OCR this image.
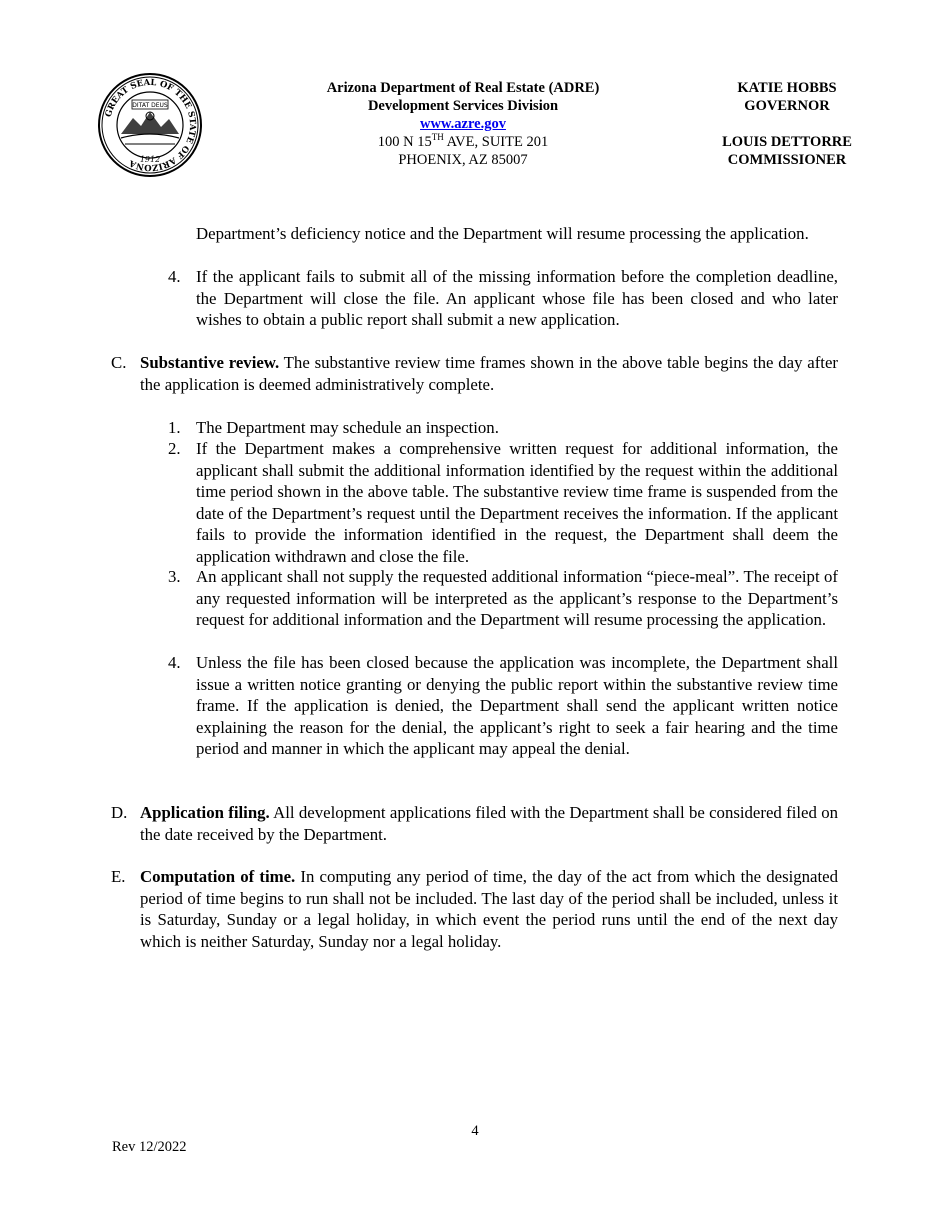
GREAT SEAL OF THE STATE OF ARIZONA
DITAT DEUS
1912
Arizona Department of Real Estate (ADRE)
Development Services Division
www.azre.gov
100 N 15TH AVE, SUITE 201
PHOENIX, AZ 85007
KATIE HOBBS
GOVERNOR
LOUIS DETTORRE
COMMISSIONER
Department’s deficiency notice and the Department will resume processing the application.
4. If the applicant fails to submit all of the missing information before the completion deadline, the Department will close the file. An applicant whose file has been closed and who later wishes to obtain a public report shall submit a new application.
C. Substantive review. The substantive review time frames shown in the above table begins the day after the application is deemed administratively complete.
1. The Department may schedule an inspection.
2. If the Department makes a comprehensive written request for additional information, the applicant shall submit the additional information identified by the request within the additional time period shown in the above table. The substantive review time frame is suspended from the date of the Department’s request until the Department receives the information. If the applicant fails to provide the information identified in the request, the Department shall deem the application withdrawn and close the file.
3. An applicant shall not supply the requested additional information “piece-meal”. The receipt of any requested information will be interpreted as the applicant’s response to the Department’s request for additional information and the Department will resume processing the application.
4. Unless the file has been closed because the application was incomplete, the Department shall issue a written notice granting or denying the public report within the substantive review time frame. If the application is denied, the Department shall send the applicant written notice explaining the reason for the denial, the applicant’s right to seek a fair hearing and the time period and manner in which the applicant may appeal the denial.
D. Application filing. All development applications filed with the Department shall be considered filed on the date received by the Department.
E. Computation of time. In computing any period of time, the day of the act from which the designated period of time begins to run shall not be included. The last day of the period shall be included, unless it is Saturday, Sunday or a legal holiday, in which event the period runs until the end of the next day which is neither Saturday, Sunday nor a legal holiday.
4
Rev 12/2022
